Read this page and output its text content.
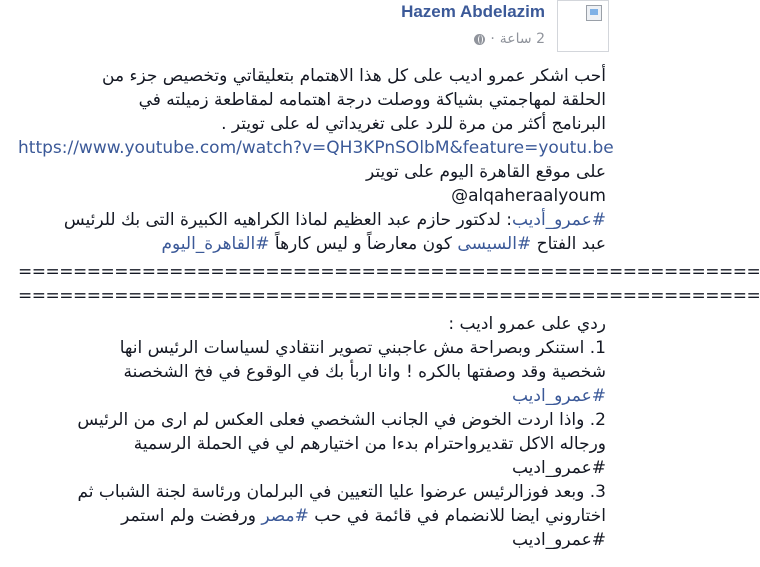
Hazem Abdelazim
· 2 ساعة
أحب اشكر عمرو اديب على كل هذا الاهتمام بتعليقاتي وتخصيص جزء من
الحلقة لمهاجمتي بشياكة ووصلت درجة اهتمامه لمقاطعة زميلته في
البرنامج أكثر من مرة للرد على تغريداتي له على تويتر .
https://www.youtube.com/watch?v=QH3KPnSOlbM&feature=youtu.be
على موقع القاهرة اليوم على تويتر
alqaheraalyoum@
#عمرو_أديب: لدكتور حازم عبد العظيم لماذا الكراهيه الكبيرة التى بك للرئيس
عبد الفتاح #السيسى كون معارضاً و ليس كارهاً #القاهرة_اليوم
======================================================
======================================================
ردي على عمرو اديب :
1. استنكر وبصراحة مش عاجبني تصوير انتقادي لسياسات الرئيس انها
شخصية وقد وصفتها بالكره ! وانا اربأ بك في الوقوع في فخ الشخصنة
#عمرو_اديب
2. واذا اردت الخوض في الجانب الشخصي فعلى العكس لم ارى من الرئيس
ورجاله الاكل تقديرواحترام بدءا من اختيارهم لي في الحملة الرسمية
#عمرو_اديب
3. وبعد فوزالرئيس عرضوا عليا التعيين في البرلمان ورئاسة لجنة الشباب ثم
اختاروني ايضا للانضمام في قائمة في حب #مصر ورفضت ولم استمر
#عمرو_اديب
